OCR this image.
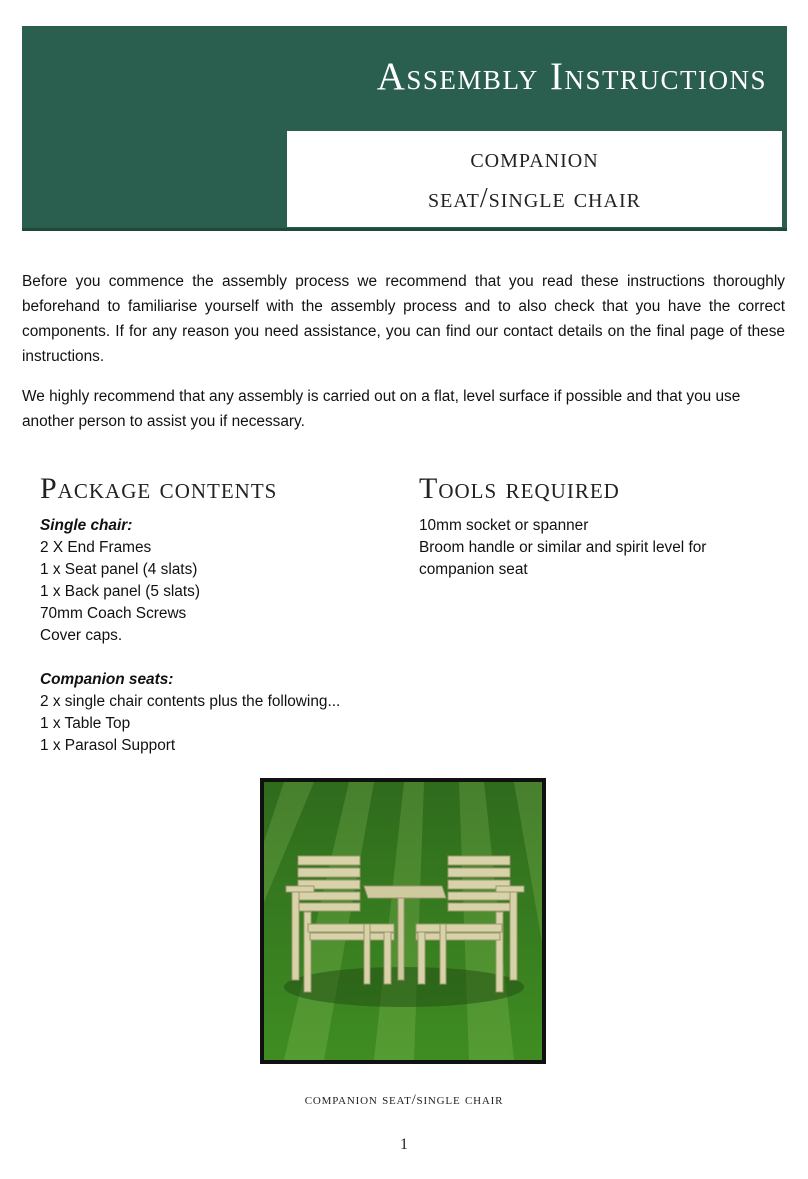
Assembly Instructions
companion
seat/single chair

Before you commence the assembly process we recommend that you read these instructions thoroughly beforehand to familiarise yourself with the assembly process and to also check that you have the correct components. If for any reason you need assistance, you can find our contact details on the final page of these instructions.

We highly recommend that any assembly is carried out on a flat, level surface if possible and that you use another person to assist you if necessary.

Package contents	Tools required
Single chair:
2 X End Frames
1 x Seat panel (4 slats)
1 x Back panel (5 slats)
70mm Coach Screws
Cover caps.
Companion seats:
2 x single chair contents plus the following...
1 x Table Top
1 x Parasol Support
10mm socket or spanner
Broom handle or similar and spirit level for
companion seat
companion seat/single chair
1
